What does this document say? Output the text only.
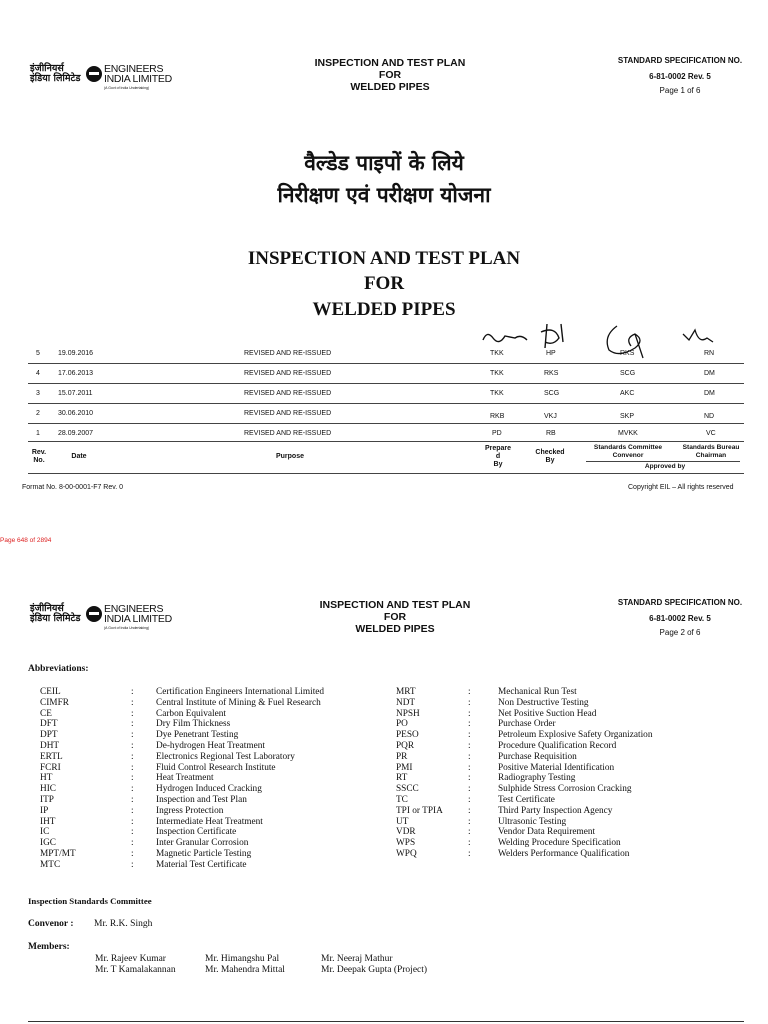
इंजीनियर्स
इंडिया लिमिटेड
ENGINEERS
INDIA LIMITED
(A Govt of India Undertaking)
INSPECTION AND TEST PLAN
FOR
WELDED PIPES
STANDARD SPECIFICATION NO.
6-81-0002 Rev. 5
Page 1 of 6
वैल्डेड पाइपों के लिये
निरीक्षण एवं परीक्षण योजना
INSPECTION AND TEST PLAN
FOR
WELDED PIPES
5	19.09.2016	REVISED AND RE-ISSUED	TKK	HP	RKS	RN
4	17.06.2013	REVISED AND RE-ISSUED	TKK	RKS	SCG	DM
3	15.07.2011	REVISED AND RE-ISSUED	TKK	SCG	AKC	DM
2	30.06.2010	REVISED AND RE-ISSUED	RKB	VKJ	SKP	ND
1	28.09.2007	REVISED AND RE-ISSUED	PD	RB	MVKK	VC
Rev.
No.
Date	Purpose
Prepare
d
By
Checked
By
Standards Committee
Convenor
Standards Bureau
Chairman
Approved by
Format No. 8-00-0001-F7 Rev. 0	Copyright EIL – All rights reserved
Page 648 of 2894
इंजीनियर्स
इंडिया लिमिटेड
ENGINEERS
INDIA LIMITED
(A Govt of India Undertaking)
INSPECTION AND TEST PLAN
FOR
WELDED PIPES
STANDARD SPECIFICATION NO.
6-81-0002 Rev. 5
Page 2 of 6
Abbreviations:
CEIL	: Certification Engineers International Limited
CIMFR	: Central Institute of Mining & Fuel Research
CE	: Carbon Equivalent
DFT	: Dry Film Thickness
DPT	: Dye Penetrant Testing
DHT	: De-hydrogen Heat Treatment
ERTL	: Electronics Regional Test Laboratory
FCRI	: Fluid Control Research Institute
HT	: Heat Treatment
HIC	: Hydrogen Induced Cracking
ITP	: Inspection and Test Plan
IP	: Ingress Protection
IHT	: Intermediate Heat Treatment
IC	: Inspection Certificate
IGC	: Inter Granular Corrosion
MPT/MT	: Magnetic Particle Testing
MTC	: Material Test Certificate
MRT	:	Mechanical Run Test
NDT	:	Non Destructive Testing
NPSH	:	Net Positive Suction Head
PO	:	Purchase Order
PESO	:	Petroleum Explosive Safety Organization
PQR	:	Procedure Qualification Record
PR	:	Purchase Requisition
PMI	:	Positive Material Identification
RT	:	Radiography Testing
SSCC	:	Sulphide Stress Corrosion Cracking
TC	:	Test Certificate
TPI or TPIA	:	Third Party Inspection Agency
UT	:	Ultrasonic Testing
VDR	:	Vendor Data Requirement
WPS	:	Welding Procedure Specification
WPQ	:	Welders Performance Qualification
Inspection Standards Committee
Convenor : Mr. R.K. Singh
Members:
Mr. Rajeev Kumar	Mr. Himangshu Pal	Mr. Neeraj Mathur
Mr. T Kamalakannan	Mr. Mahendra Mittal	Mr. Deepak Gupta (Project)
